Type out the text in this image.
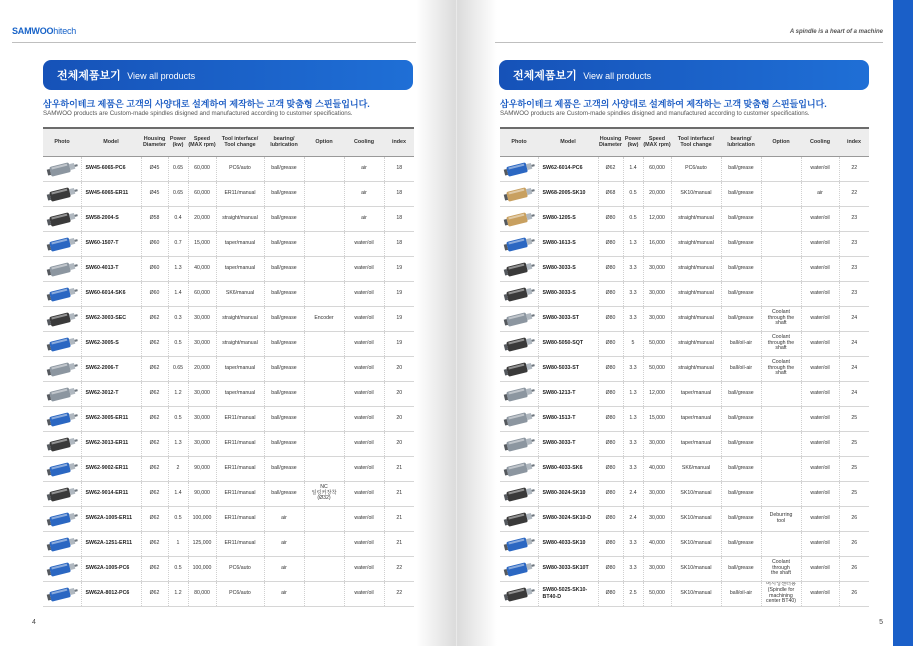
SAMWOOhitech
전체제품보기 View all products
삼우하이테크 제품은 고객의 사양대로 설계하여 제작하는 고객 맞춤형 스핀들입니다.
SAMWOO products are Custom-made spindles disigned and manufactured according to customer specifications.
Photo	Model	Housing
Diameter	Power
(kw)	Speed
(MAX rpm)	Tool interface/
Tool change	bearing/
lubrication	Option	Cooling	index

	SW45-6065-PC6	Ø45	0.65	60,000	PC6/auto	ball/grease		air	18

	SW45-6065-ER11	Ø45	0.65	60,000	ER11/manual	ball/grease		air	18

	SW58-2004-S	Ø58	0.4	20,000	straight/manual	ball/grease		air	18

	SW60-1507-T	Ø60	0.7	15,000	taper/manual	ball/grease		water/oil	18

	SW60-4013-T	Ø60	1.3	40,000	taper/manual	ball/grease		water/oil	19

	SW60-6014-SK6	Ø60	1.4	60,000	SK6/manual	ball/grease		water/oil	19

	SW62-3003-SEC	Ø62	0.3	30,000	straight/manual	ball/grease	Encoder	water/oil	19

	SW62-3005-S	Ø62	0.5	30,000	straight/manual	ball/grease		water/oil	19

	SW62-2006-T	Ø62	0.65	20,000	taper/manual	ball/grease		water/oil	20

	SW62-3012-T	Ø62	1.2	30,000	taper/manual	ball/grease		water/oil	20

	SW62-3005-ER11	Ø62	0.5	30,000	ER11/manual	ball/grease		water/oil	20

	SW62-3013-ER11	Ø62	1.3	30,000	ER11/manual	ball/grease		water/oil	20

	SW62-9002-ER11	Ø62	2	90,000	ER11/manual	ball/grease		water/oil	21

	SW62-9014-ER11	Ø62	1.4	90,000	ER11/manual	ball/grease	NC
일링커장착
(Ø32)	water/oil	21

	SW62A-1005-ER11	Ø62	0.5	100,000	ER11/manual	air		water/oil	21

	SW62A-1251-ER11	Ø62	1	125,000	ER11/manual	air		water/oil	21

	SW62A-1005-PC6	Ø62	0.5	100,000	PC6/auto	air		water/oil	22

	SW62A-8012-PC6	Ø62	1.2	80,000	PC6/auto	air		water/oil	22
4
A spindle is a heart of a machine
전체제품보기 View all products
삼우하이테크 제품은 고객의 사양대로 설계하여 제작하는 고객 맞춤형 스핀들입니다.
SAMWOO products are Custom-made spindles disigned and manufactured according to customer specifications.
Photo	Model	Housing
Diameter	Power
(kw)	Speed
(MAX rpm)	Tool interface/
Tool change	bearing/
lubrication	Option	Cooling	index

	SW62-6014-PC6	Ø62	1.4	60,000	PC6/auto	ball/grease		water/oil	22

	SW68-2005-SK10	Ø68	0.5	20,000	SK10/manual	ball/grease		air	22

	SW80-1205-S	Ø80	0.5	12,000	straight/manual	ball/grease		water/oil	23

	SW80-1613-S	Ø80	1.3	16,000	straight/manual	ball/grease		water/oil	23

	SW80-3033-S	Ø80	3.3	30,000	straight/manual	ball/grease		water/oil	23

	SW80-3033-S	Ø80	3.3	30,000	straight/manual	ball/grease		water/oil	23

	SW80-3033-ST	Ø80	3.3	30,000	straight/manual	ball/grease	Coolant
through the
shaft	water/oil	24

	SW80-5050-SQT	Ø80	5	50,000	straight/manual	ball/oil-air	Coolant
through the
shaft	water/oil	24

	SW80-5033-ST	Ø80	3.3	50,000	straight/manual	ball/oil-air	Coolant
through the
shaft	water/oil	24

	SW80-1213-T	Ø80	1.3	12,000	taper/manual	ball/grease		water/oil	24

	SW80-1513-T	Ø80	1.3	15,000	taper/manual	ball/grease		water/oil	25

	SW80-3033-T	Ø80	3.3	30,000	taper/manual	ball/grease		water/oil	25

	SW80-4033-SK6	Ø80	3.3	40,000	SK6/manual	ball/grease		water/oil	25

	SW80-3024-SK10	Ø80	2.4	30,000	SK10/manual	ball/grease		water/oil	25

	SW80-3024-SK10-D	Ø80	2.4	30,000	SK10/manual	ball/grease	Deburring
tool	water/oil	26

	SW80-4033-SK10	Ø80	3.3	40,000	SK10/manual	ball/grease		water/oil	26

	SW80-3033-SK10T	Ø80	3.3	30,000	SK10/manual	ball/grease	Coolant
through
the shaft	water/oil	26

	SW80-5025-SK10-BT40-D	Ø80	2.5	50,000	SK10/manual	ball/oil-air	머시닝센터용
(Spindle for
machining center BT40)	water/oil	26
5
